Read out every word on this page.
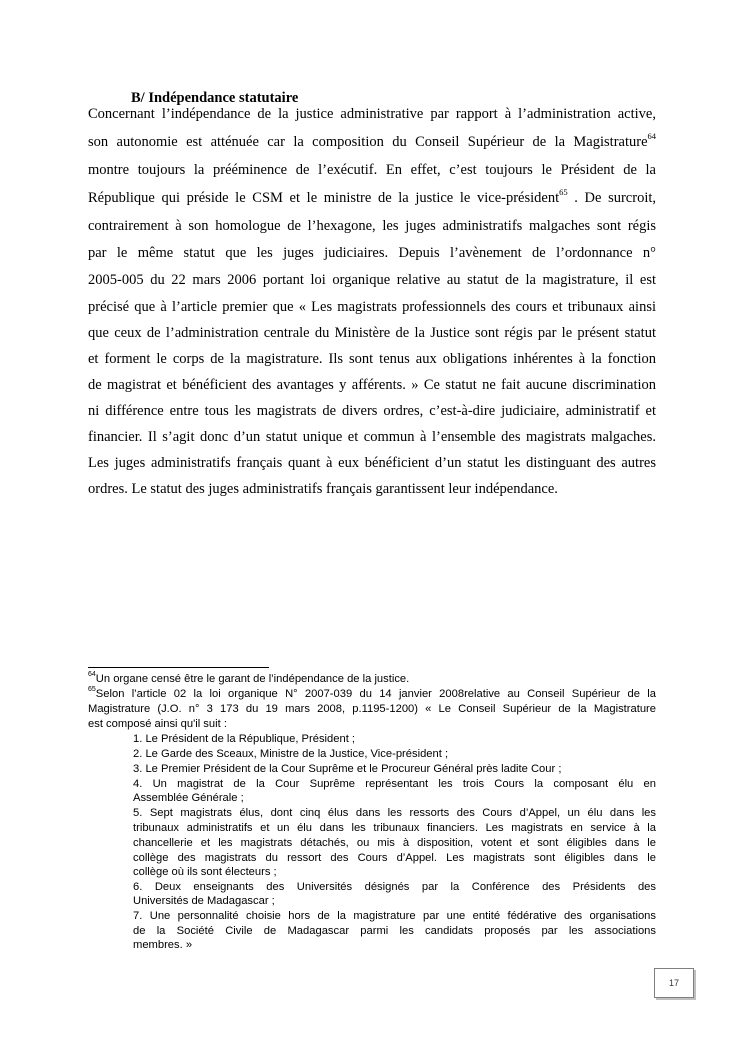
B/ Indépendance statutaire
Concernant l’indépendance de la justice administrative par rapport à l’administration active,
son autonomie est atténuée car la composition du Conseil Supérieur de la Magistrature$^{64}$
montre toujours la prééminence de l’exécutif. En effet, c’est toujours le Président de la
République qui préside le CSM et le ministre de la justice le vice-président$^{65}$ . De surcroit,
contrairement à son homologue de l’hexagone, les juges administratifs malgaches sont régis
par le même statut que les juges judiciaires. Depuis l’avènement de l’ordonnance n°
2005‑005 du 22 mars 2006 portant loi organique relative au statut de la magistrature, il est
précisé que à l’article premier que « Les magistrats professionnels des cours et tribunaux ainsi
que ceux de l’administration centrale du Ministère de la Justice sont régis par le présent statut
et forment le corps de la magistrature. Ils sont tenus aux obligations inhérentes à la fonction
de magistrat et bénéficient des avantages y afférents. » Ce statut ne fait aucune discrimination
ni différence entre tous les magistrats de divers ordres, c’est-à-dire judiciaire, administratif et
financier. Il s’agit donc d’un statut unique et commun à l’ensemble des magistrats malgaches.
Les juges administratifs français quant à eux bénéficient d’un statut les distinguant des autres
ordres. Le statut des juges administratifs français garantissent leur indépendance.
$^{64}$Un organe censé être le garant de l’indépendance de la justice.
$^{65}$Selon l’article 02 la loi organique N° 2007-039 du 14 janvier 2008relative au Conseil Supérieur de la
Magistrature (J.O. n° 3 173 du 19 mars 2008, p.1195-1200) « Le Conseil Supérieur de la Magistrature
est composé ainsi qu'il suit :
1. Le Président de la République, Président ;
2. Le Garde des Sceaux, Ministre de la Justice, Vice-président ;
3. Le Premier Président de la Cour Suprême et le Procureur Général près ladite Cour ;
4. Un magistrat de la Cour Suprême représentant les trois Cours la composant élu en
Assemblée Générale ;
5. Sept magistrats élus, dont cinq élus dans les ressorts des Cours d’Appel, un élu dans les
tribunaux administratifs et un élu dans les tribunaux financiers. Les magistrats en service à la
chancellerie et les magistrats détachés, ou mis à disposition, votent et sont éligibles dans le
collège des magistrats du ressort des Cours d’Appel. Les magistrats sont éligibles dans le
collège où ils sont électeurs ;
6. Deux enseignants des Universités désignés par la Conférence des Présidents des
Universités de Madagascar ;
7. Une personnalité choisie hors de la magistrature par une entité fédérative des organisations
de la Société Civile de Madagascar parmi les candidats proposés par les associations
membres. »
17
